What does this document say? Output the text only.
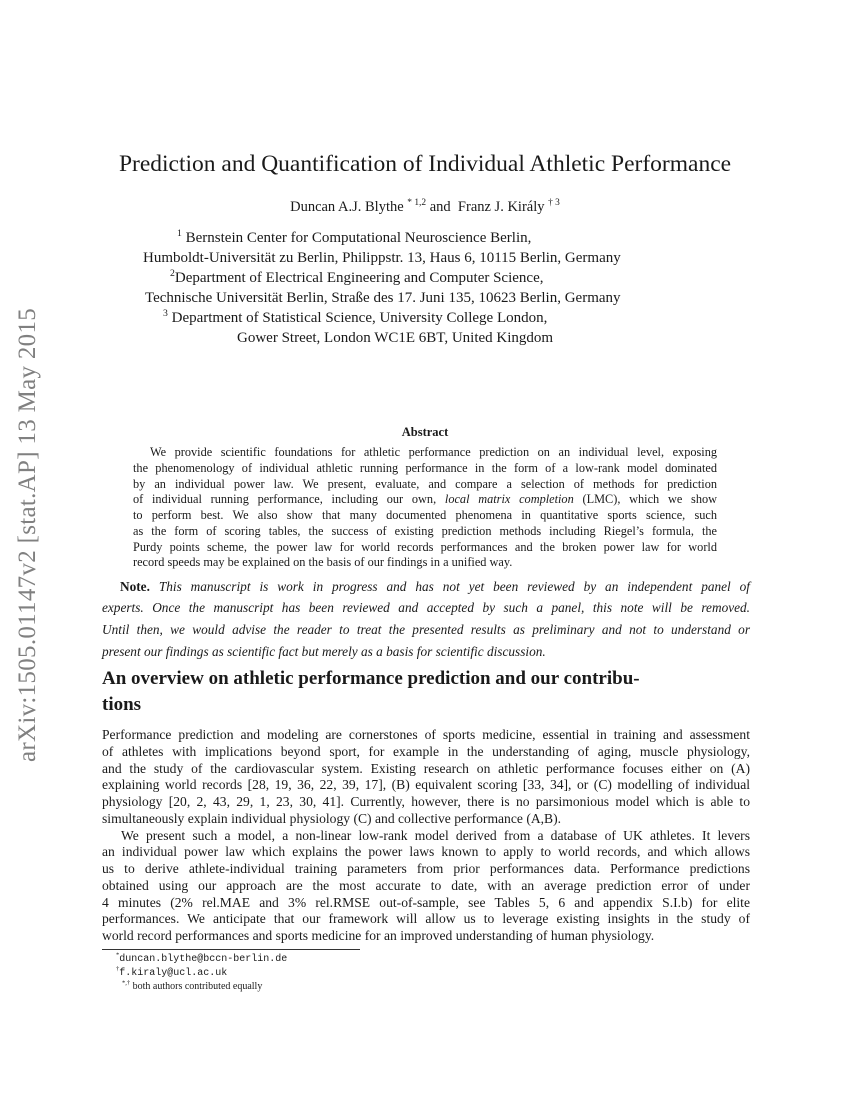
arXiv:1505.01147v2 [stat.AP] 13 May 2015
Prediction and Quantification of Individual Athletic Performance
Duncan A.J. Blythe $^{* 1,2}$ and Franz J. Király $^{\dagger 3}$
$^1$ Bernstein Center for Computational Neuroscience Berlin,
Humboldt-Universität zu Berlin, Philippstr. 13, Haus 6, 10115 Berlin, Germany
$^2$Department of Electrical Engineering and Computer Science,
Technische Universität Berlin, Straße des 17. Juni 135, 10623 Berlin, Germany
$^3$ Department of Statistical Science, University College London,
Gower Street, London WC1E 6BT, United Kingdom
Abstract
We provide scientific foundations for athletic performance prediction on an individual level, exposing
the phenomenology of individual athletic running performance in the form of a low-rank model dominated
by an individual power law. We present, evaluate, and compare a selection of methods for prediction
of individual running performance, including our own, local matrix completion (LMC), which we show
to perform best. We also show that many documented phenomena in quantitative sports science, such
as the form of scoring tables, the success of existing prediction methods including Riegel’s formula, the
Purdy points scheme, the power law for world records performances and the broken power law for world
record speeds may be explained on the basis of our findings in a unified way.
Note. This manuscript is work in progress and has not yet been reviewed by an independent panel of
experts. Once the manuscript has been reviewed and accepted by such a panel, this note will be removed.
Until then, we would advise the reader to treat the presented results as preliminary and not to understand or
present our findings as scientific fact but merely as a basis for scientific discussion.
An overview on athletic performance prediction and our contribu-
tions
Performance prediction and modeling are cornerstones of sports medicine, essential in training and assessment
of athletes with implications beyond sport, for example in the understanding of aging, muscle physiology,
and the study of the cardiovascular system. Existing research on athletic performance focuses either on (A)
explaining world records [28, 19, 36, 22, 39, 17], (B) equivalent scoring [33, 34], or (C) modelling of individual
physiology [20, 2, 43, 29, 1, 23, 30, 41]. Currently, however, there is no parsimonious model which is able to
simultaneously explain individual physiology (C) and collective performance (A,B).
We present such a model, a non-linear low-rank model derived from a database of UK athletes. It levers
an individual power law which explains the power laws known to apply to world records, and which allows
us to derive athlete-individual training parameters from prior performances data. Performance predictions
obtained using our approach are the most accurate to date, with an average prediction error of under
4 minutes (2% rel.MAE and 3% rel.RMSE out-of-sample, see Tables 5, 6 and appendix S.I.b) for elite
performances. We anticipate that our framework will allow us to leverage existing insights in the study of
world record performances and sports medicine for an improved understanding of human physiology.
*duncan.blythe@bccn-berlin.de
†f.kiraly@ucl.ac.uk
*,† both authors contributed equally
